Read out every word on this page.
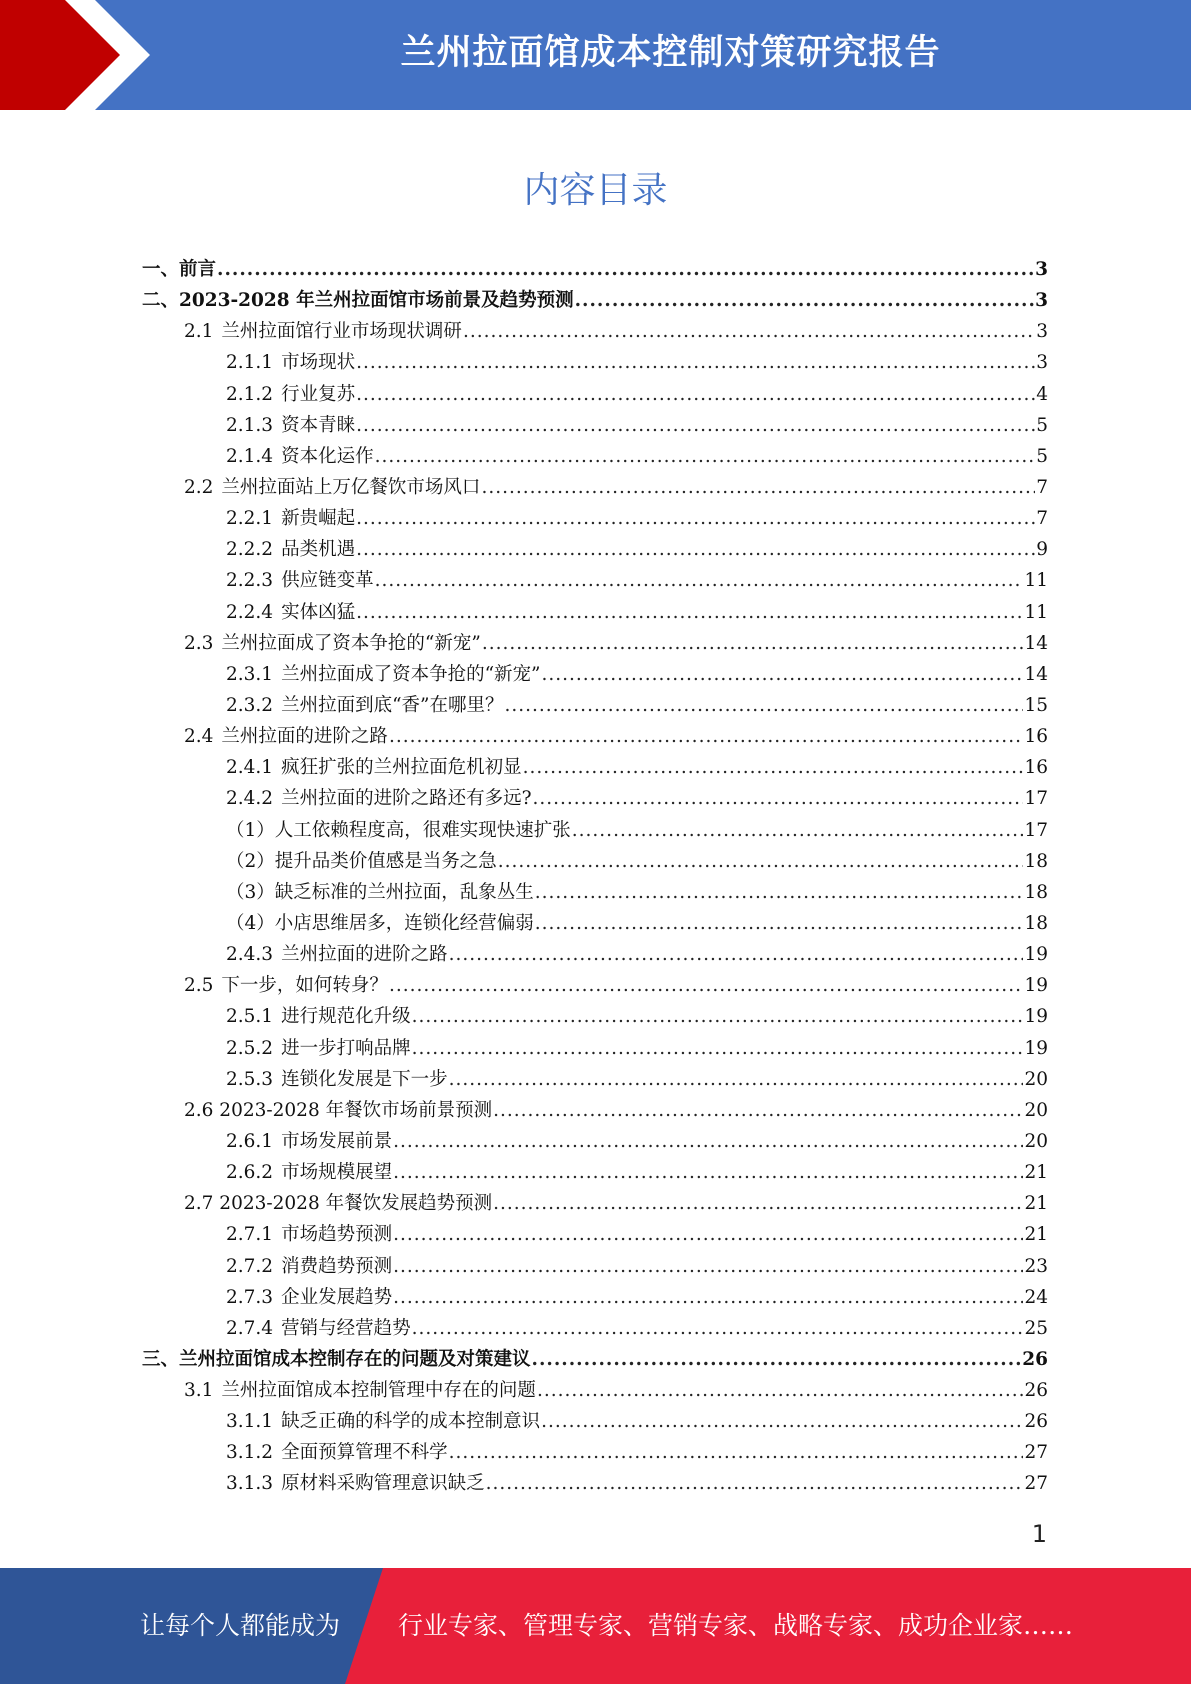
兰州拉面馆成本控制对策研究报告
内容目录
一、前言 .....	3
二、2023-2028 年兰州拉面馆市场前景及趋势预测 .....	3
2.1 兰州拉面馆行业市场现状调研 .....	3
2.1.1 市场现状 .....	3
2.1.2 行业复苏 .....	4
2.1.3 资本青睐 .....	5
2.1.4 资本化运作 .....	5
2.2 兰州拉面站上万亿餐饮市场风口 .....	7
2.2.1 新贵崛起 .....	7
2.2.2 品类机遇 .....	9
2.2.3 供应链变革 .....	11
2.2.4 实体凶猛 .....	11
2.3 兰州拉面成了资本争抢的“新宠” .....	14
2.3.1 兰州拉面成了资本争抢的“新宠” .....	14
2.3.2 兰州拉面到底“香”在哪里？ .....	15
2.4 兰州拉面的进阶之路 .....	16
2.4.1 疯狂扩张的兰州拉面危机初显 .....	16
2.4.2 兰州拉面的进阶之路还有多远? .....	17
（1）人工依赖程度高，很难实现快速扩张 .....	17
（2）提升品类价值感是当务之急 .....	18
（3）缺乏标准的兰州拉面，乱象丛生 .....	18
（4）小店思维居多，连锁化经营偏弱 .....	18
2.4.3 兰州拉面的进阶之路 .....	19
2.5 下一步，如何转身？ .....	19
2.5.1 进行规范化升级 .....	19
2.5.2 进一步打响品牌 .....	19
2.5.3 连锁化发展是下一步 .....	20
2.6 2023-2028 年餐饮市场前景预测 .....	20
2.6.1 市场发展前景 .....	20
2.6.2 市场规模展望 .....	21
2.7 2023-2028 年餐饮发展趋势预测 .....	21
2.7.1 市场趋势预测 .....	21
2.7.2 消费趋势预测 .....	23
2.7.3 企业发展趋势 .....	24
2.7.4 营销与经营趋势 .....	25
三、兰州拉面馆成本控制存在的问题及对策建议 .....	26
3.1 兰州拉面馆成本控制管理中存在的问题 .....	26
3.1.1 缺乏正确的科学的成本控制意识 .....	26
3.1.2 全面预算管理不科学 .....	27
3.1.3 原材料采购管理意识缺乏 .....	27
1
让每个人都能成为 行业专家、管理专家、营销专家、战略专家、成功企业家……
